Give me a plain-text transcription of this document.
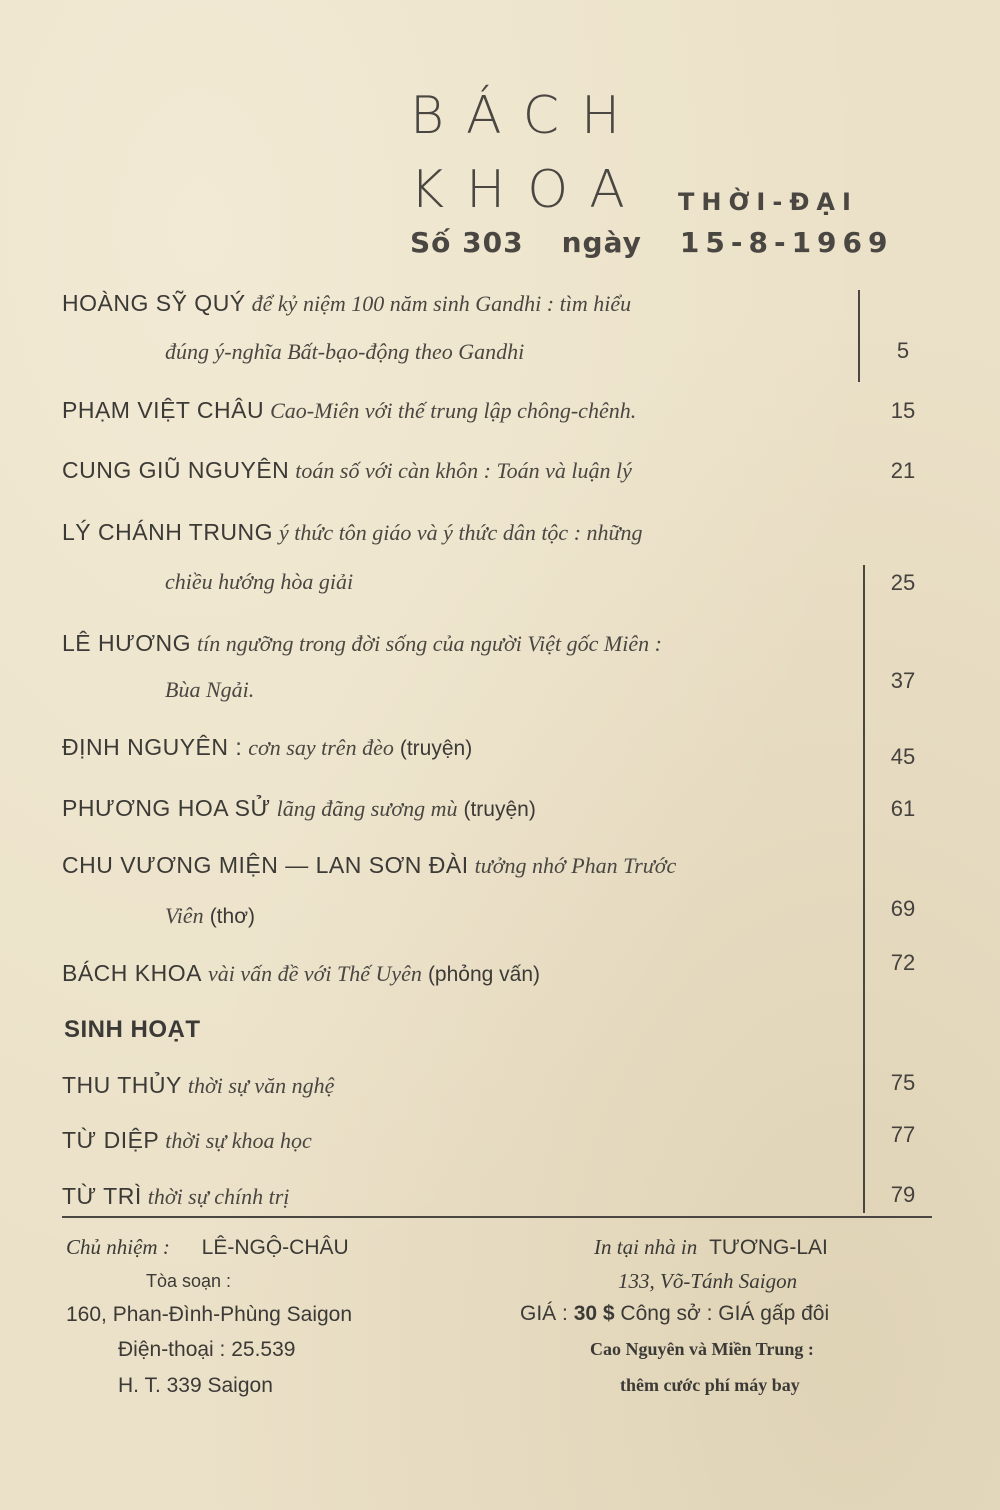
BÁCH
KHOA THỜI-ĐẠI
Số 303 ngày 15-8-1969
HOÀNG SỸ QUÝ để kỷ niệm 100 năm sinh Gandhi : tìm hiểu
đúng ý-nghĩa Bất-bạo-động theo Gandhi	5
PHẠM VIỆT CHÂU Cao-Miên với thế trung lập chông-chênh.	15
CUNG GIŨ NGUYÊN toán số với càn khôn : Toán và luận lý	21
LÝ CHÁNH TRUNG ý thức tôn giáo và ý thức dân tộc : những
chiều hướng hòa giải	25
LÊ HƯƠNG tín ngưỡng trong đời sống của người Việt gốc Miên :
Bùa Ngải.	37
ĐỊNH NGUYÊN : cơn say trên đèo (truyện)	45
PHƯƠNG HOA SỬ lãng đãng sương mù (truyện)	61
CHU VƯƠNG MIỆN — LAN SƠN ĐÀI tưởng nhớ Phan Trước
Viên (thơ)	69
BÁCH KHOA vài vấn đề với Thế Uyên (phỏng vấn)	72
SINH HOẠT
THU THỦY thời sự văn nghệ	75
TỪ DIỆP thời sự khoa học	77
TỪ TRÌ thời sự chính trị	79
Chủ nhiệm : LÊ-NGỘ-CHÂU
Tòa soạn :
160, Phan-Đình-Phùng Saigon
Điện-thoại : 25.539
H. T. 339 Saigon
In tại nhà in TƯƠNG-LAI
133, Võ-Tánh Saigon
GIÁ : 30 $ Công sở : GIÁ gấp đôi
Cao Nguyên và Miền Trung :
thêm cước phí máy bay
